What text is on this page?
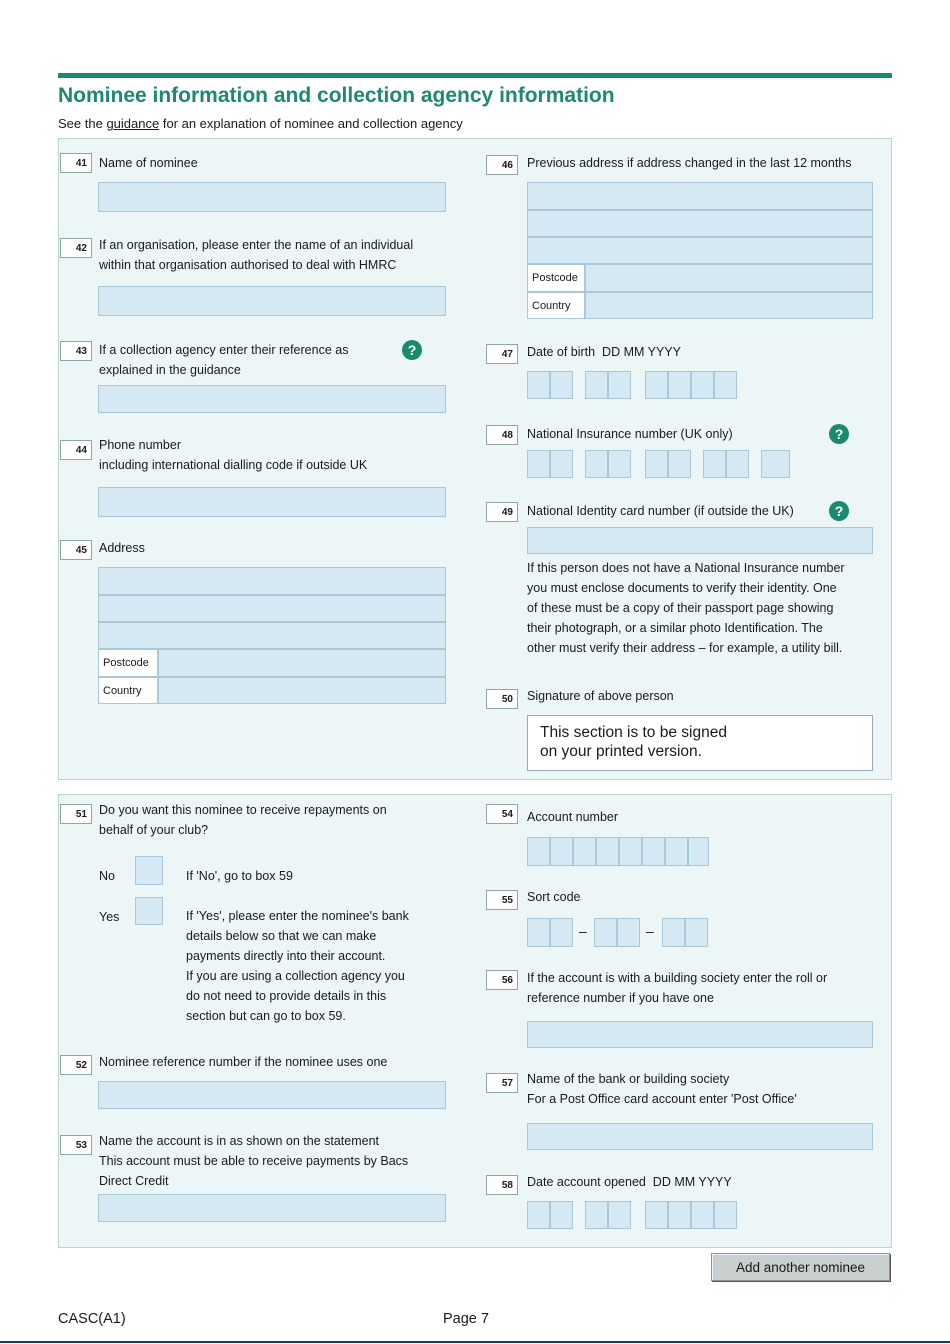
Nominee information and collection agency information
See the guidance for an explanation of nominee and collection agency
41 Name of nominee
42 If an organisation, please enter the name of an individual
within that organisation authorised to deal with HMRC
43 If a collection agency enter their reference as
explained in the guidance
?
44 Phone number
including international dialling code if outside UK
45 Address
Postcode
Country
46	Previous address if address changed in the last 12 months
Postcode
Country
47	Date of birth  DD MM YYYY
48	National Insurance number (UK only)	?
49	National Identity card number (if outside the UK)	?
If this person does not have a National Insurance number
you must enclose documents to verify their identity. One
of these must be a copy of their passport page showing
their photograph, or a similar photo Identification. The
other must verify their address – for example, a utility bill.
50	Signature of above person
This section is to be signed
on your printed version.
51 Do you want this nominee to receive repayments on
behalf of your club?
No	If 'No', go to box 59
Yes	If 'Yes', please enter the nominee's bank
details below so that we can make
payments directly into their account.
If you are using a collection agency you
do not need to provide details in this
section but can go to box 59.
52 Nominee reference number if the nominee uses one
53 Name the account is in as shown on the statement
This account must be able to receive payments by Bacs
Direct Credit
54	Account number
55	Sort code
–	–
56	If the account is with a building society enter the roll or
reference number if you have one
57	Name of the bank or building society
For a Post Office card account enter 'Post Office'
58	Date account opened  DD MM YYYY
Add another nominee
CASC(A1)	Page 7
